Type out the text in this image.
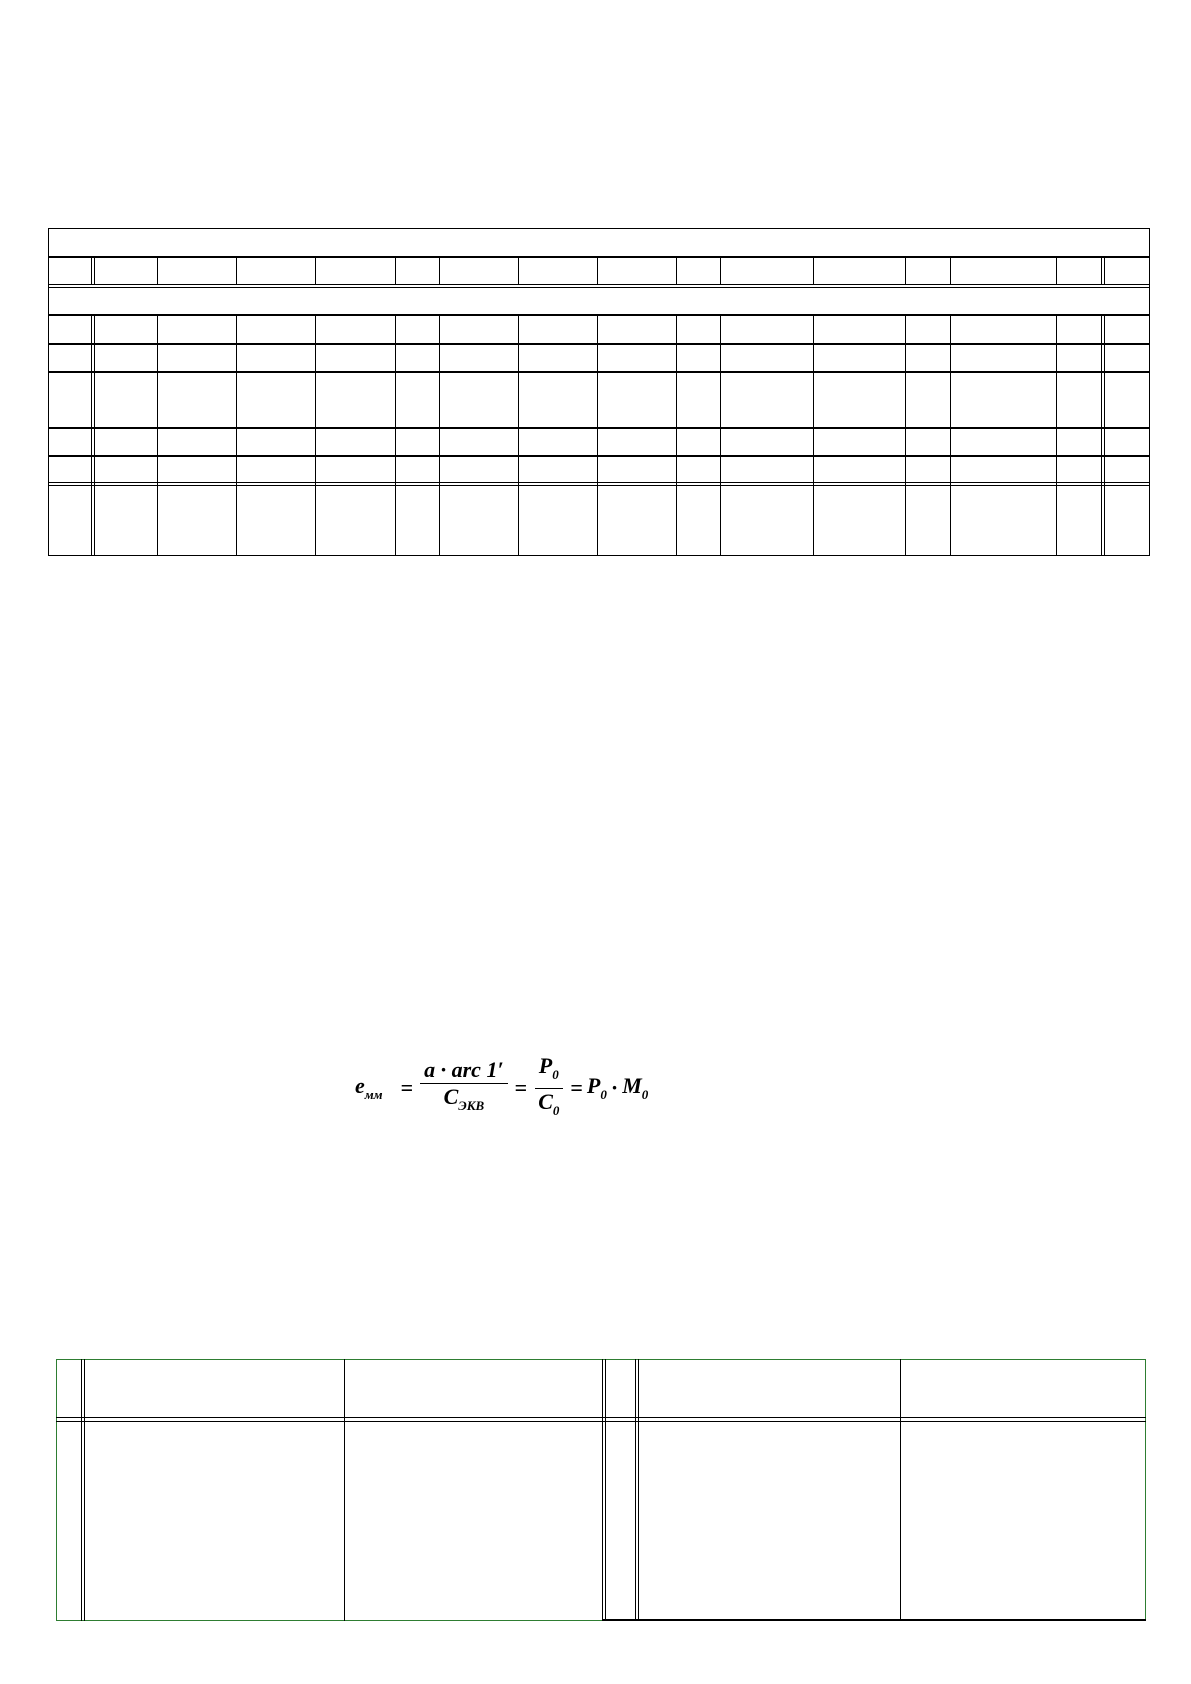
$e_{мм} = \frac{\text{a · arc 1′}}{C_{ЭКВ}} = \frac{P_0}{C_0} = P_0 \cdot M_0$
